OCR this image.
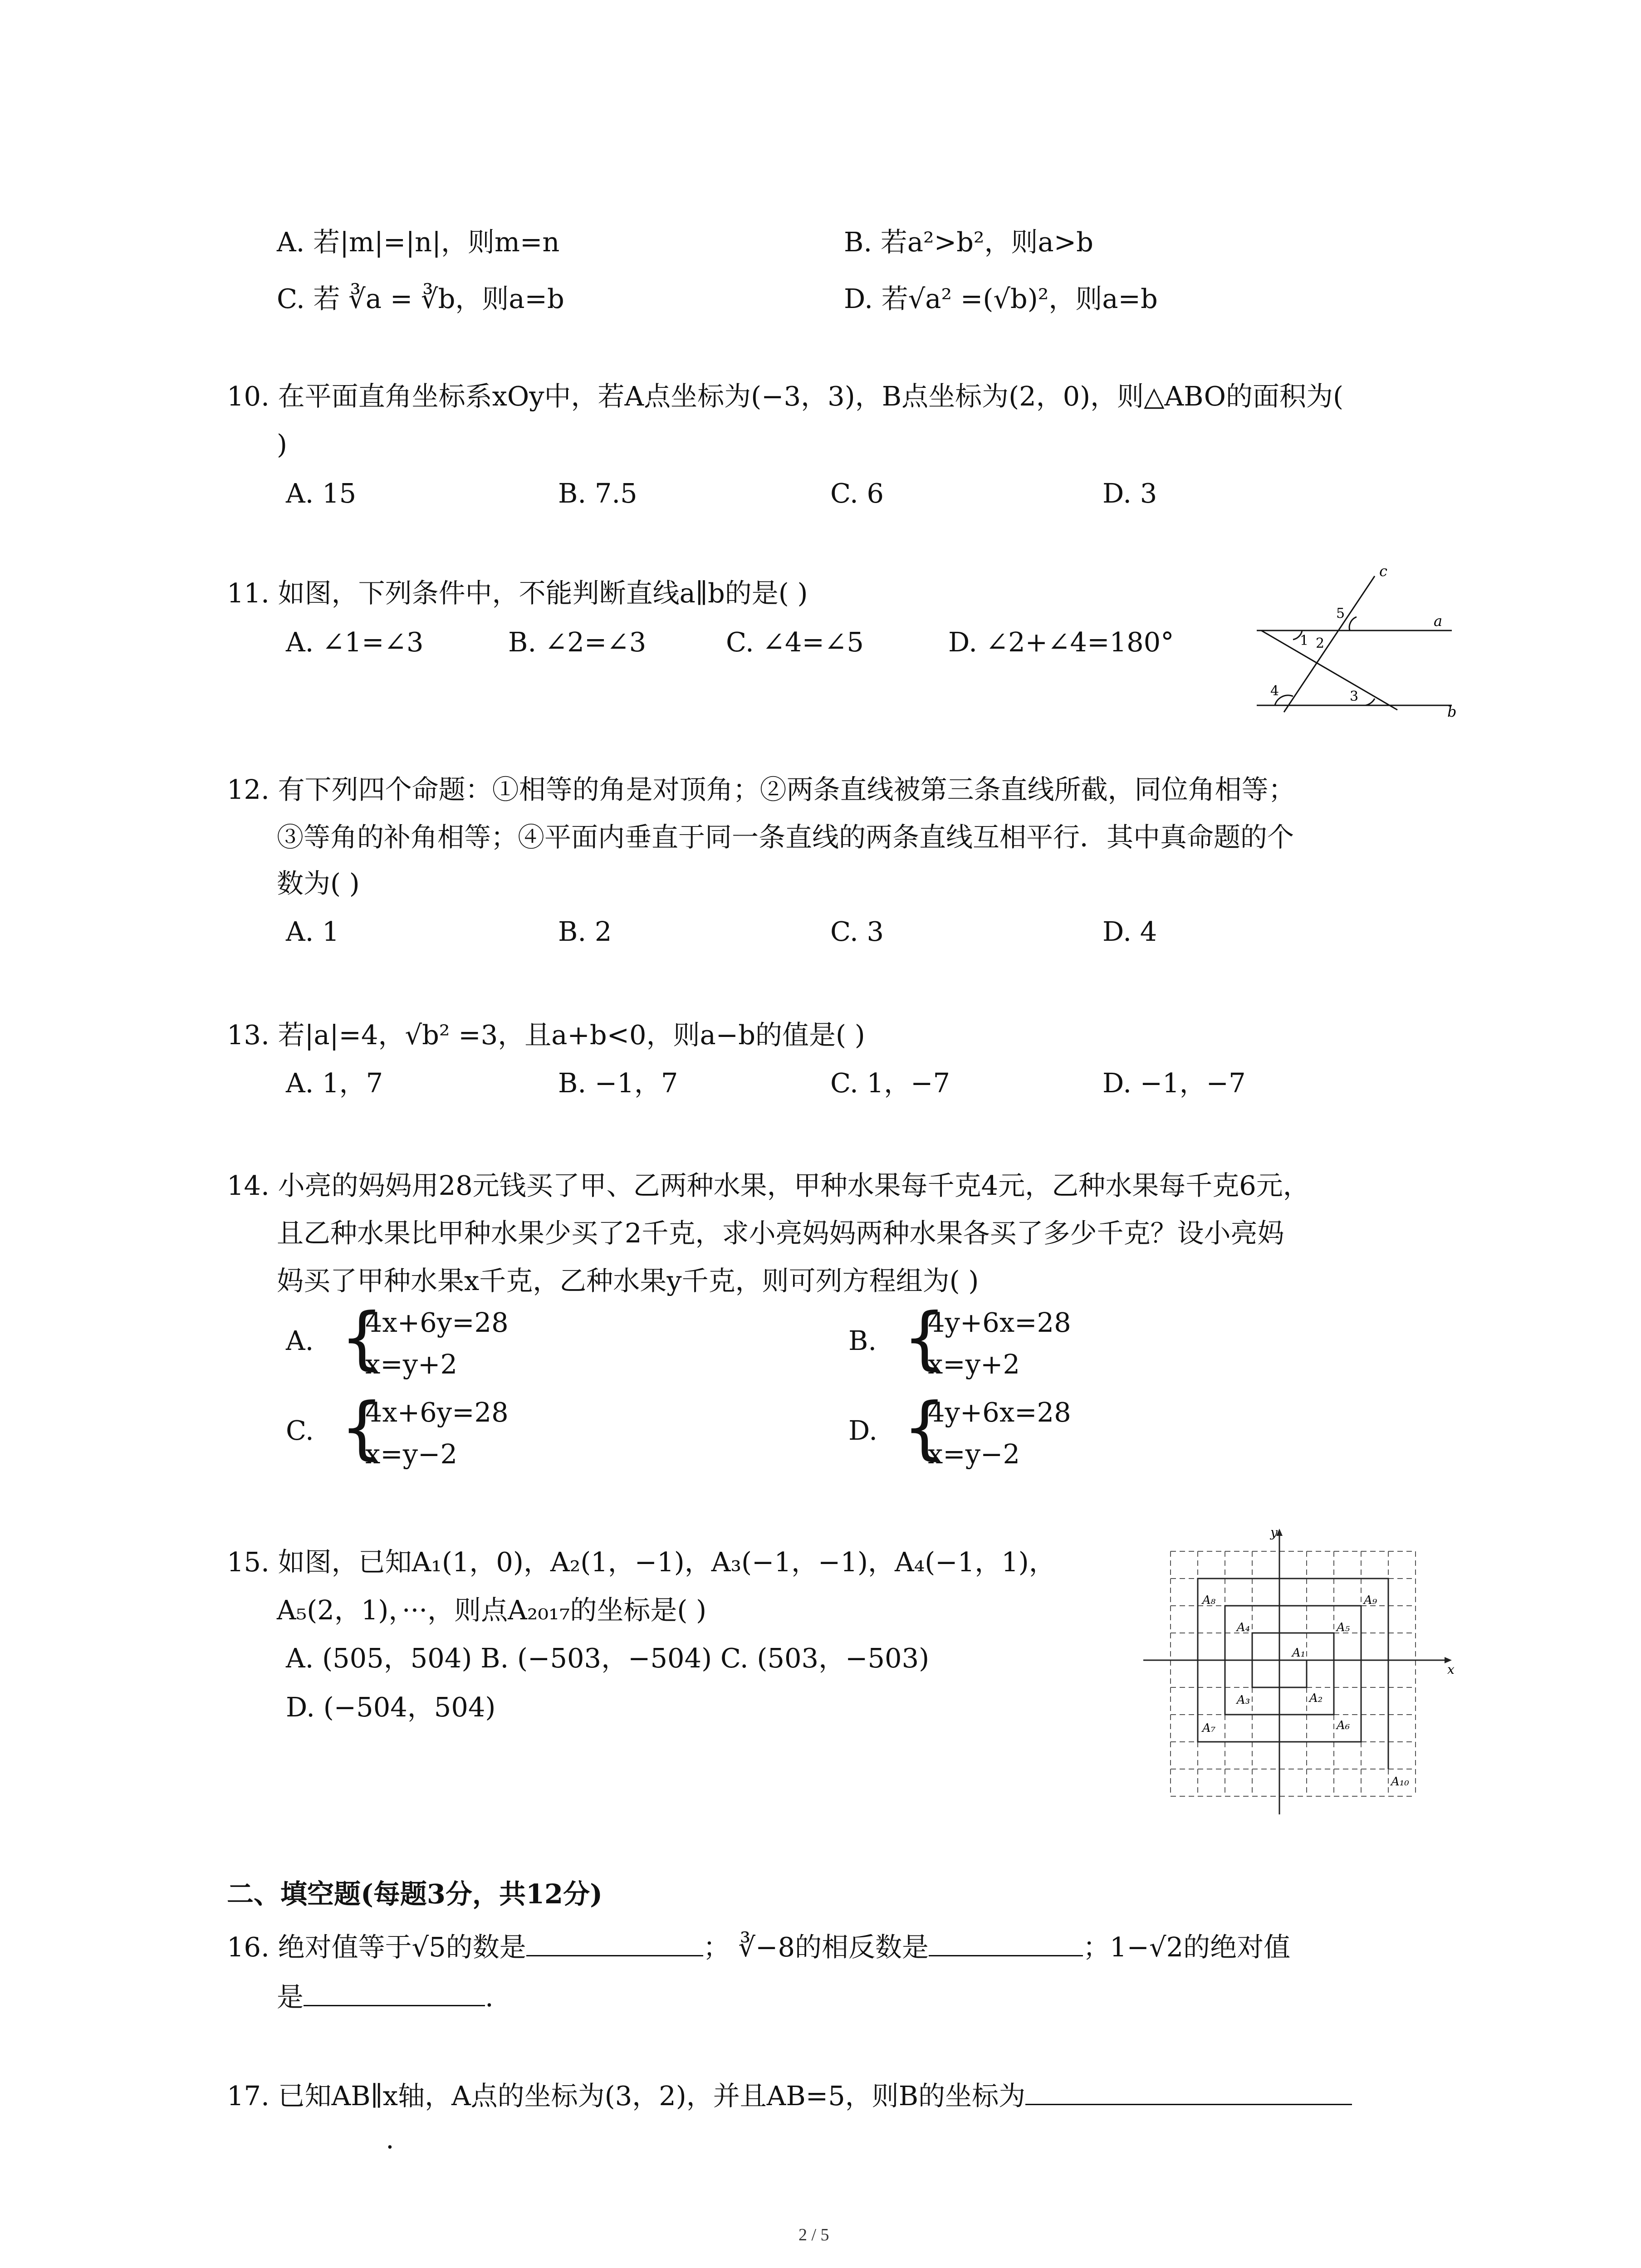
A. 若|m|=|n|，则m=n	B. 若a²>b²，则a>b
C. 若 ∛a = ∛b，则a=b	D. 若√a² =(√b)²，则a=b
10. 在平面直角坐标系xOy中，若A点坐标为(−3，3)，B点坐标为(2，0)，则△ABO的面积为(
)
A. 15	B. 7.5	C. 6	D. 3
11. 如图，下列条件中，不能判断直线a∥b的是( )
A. ∠1=∠3	B. ∠2=∠3	C. ∠4=∠5	D. ∠2+∠4=180°
c
a
b
1 2
3
4
5
12. 有下列四个命题：①相等的角是对顶角；②两条直线被第三条直线所截，同位角相等；
③等角的补角相等；④平面内垂直于同一条直线的两条直线互相平行．其中真命题的个
数为( )
A. 1	B. 2	C. 3	D. 4
13. 若|a|=4，√b² =3，且a+b<0，则a−b的值是( )
A. 1，7	B. −1，7	C. 1，−7	D. −1，−7
14. 小亮的妈妈用28元钱买了甲、乙两种水果，甲种水果每千克4元，乙种水果每千克6元，
且乙种水果比甲种水果少买了2千克，求小亮妈妈两种水果各买了多少千克？设小亮妈
妈买了甲种水果x千克，乙种水果y千克，则可列方程组为( )
A. {
4x+6y=28
x=y+2
B. {
4y+6x=28
x=y+2
C. {
4x+6y=28
x=y−2
D. {
4y+6x=28
x=y−2
15. 如图，已知A₁(1，0)，A₂(1，−1)，A₃(−1，−1)，A₄(−1，1)，
A₅(2，1)，···，则点A₂₀₁₇的坐标是( )
A. (505，504) B. (−503，−504) C. (503，−503)
D. (−504，504)
x
y
A₁
A₂
A₃
A₄	A₅
A₆
A₇
A₈	A₉
A₁₀
二、填空题(每题3分，共12分)
16. 绝对值等于√5的数是	； ∛−8的相反数是	；1−√2的绝对值
是	.
17. 已知AB∥x轴，A点的坐标为(3，2)，并且AB=5，则B的坐标为
.
2 / 5
